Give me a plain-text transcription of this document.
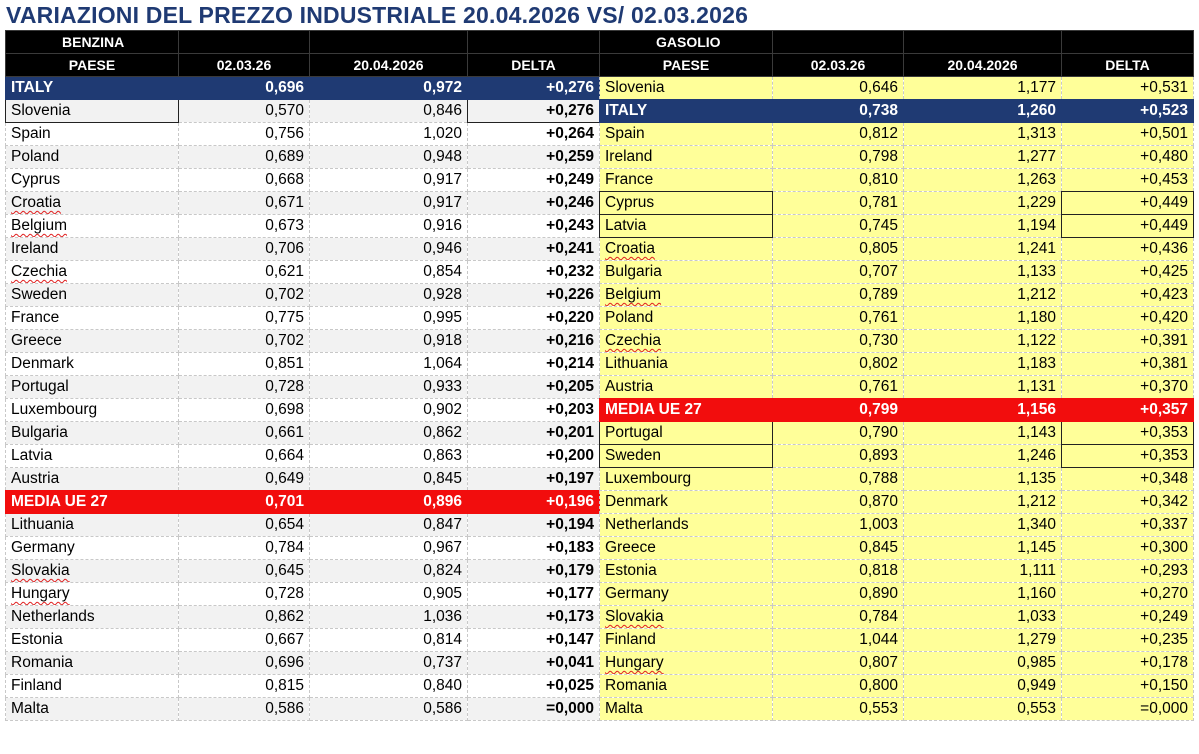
VARIAZIONI DEL PREZZO INDUSTRIALE 20.04.2026 VS/ 02.03.2026
BENZINA			
PAESE	02.03.26	20.04.2026	DELTA
ITALY	0,696	0,972	+0,276
Slovenia	0,570	0,846	+0,276
Spain	0,756	1,020	+0,264
Poland	0,689	0,948	+0,259
Cyprus	0,668	0,917	+0,249
Croatia	0,671	0,917	+0,246
Belgium	0,673	0,916	+0,243
Ireland	0,706	0,946	+0,241
Czechia	0,621	0,854	+0,232
Sweden	0,702	0,928	+0,226
France	0,775	0,995	+0,220
Greece	0,702	0,918	+0,216
Denmark	0,851	1,064	+0,214
Portugal	0,728	0,933	+0,205
Luxembourg	0,698	0,902	+0,203
Bulgaria	0,661	0,862	+0,201
Latvia	0,664	0,863	+0,200
Austria	0,649	0,845	+0,197
MEDIA UE 27	0,701	0,896	+0,196
Lithuania	0,654	0,847	+0,194
Germany	0,784	0,967	+0,183
Slovakia	0,645	0,824	+0,179
Hungary	0,728	0,905	+0,177
Netherlands	0,862	1,036	+0,173
Estonia	0,667	0,814	+0,147
Romania	0,696	0,737	+0,041
Finland	0,815	0,840	+0,025
Malta	0,586	0,586	=0,000
GASOLIO			
PAESE	02.03.26	20.04.2026	DELTA
Slovenia	0,646	1,177	+0,531
ITALY	0,738	1,260	+0,523
Spain	0,812	1,313	+0,501
Ireland	0,798	1,277	+0,480
France	0,810	1,263	+0,453
Cyprus	0,781	1,229	+0,449
Latvia	0,745	1,194	+0,449
Croatia	0,805	1,241	+0,436
Bulgaria	0,707	1,133	+0,425
Belgium	0,789	1,212	+0,423
Poland	0,761	1,180	+0,420
Czechia	0,730	1,122	+0,391
Lithuania	0,802	1,183	+0,381
Austria	0,761	1,131	+0,370
MEDIA UE 27	0,799	1,156	+0,357
Portugal	0,790	1,143	+0,353
Sweden	0,893	1,246	+0,353
Luxembourg	0,788	1,135	+0,348
Denmark	0,870	1,212	+0,342
Netherlands	1,003	1,340	+0,337
Greece	0,845	1,145	+0,300
Estonia	0,818	1,111	+0,293
Germany	0,890	1,160	+0,270
Slovakia	0,784	1,033	+0,249
Finland	1,044	1,279	+0,235
Hungary	0,807	0,985	+0,178
Romania	0,800	0,949	+0,150
Malta	0,553	0,553	=0,000
